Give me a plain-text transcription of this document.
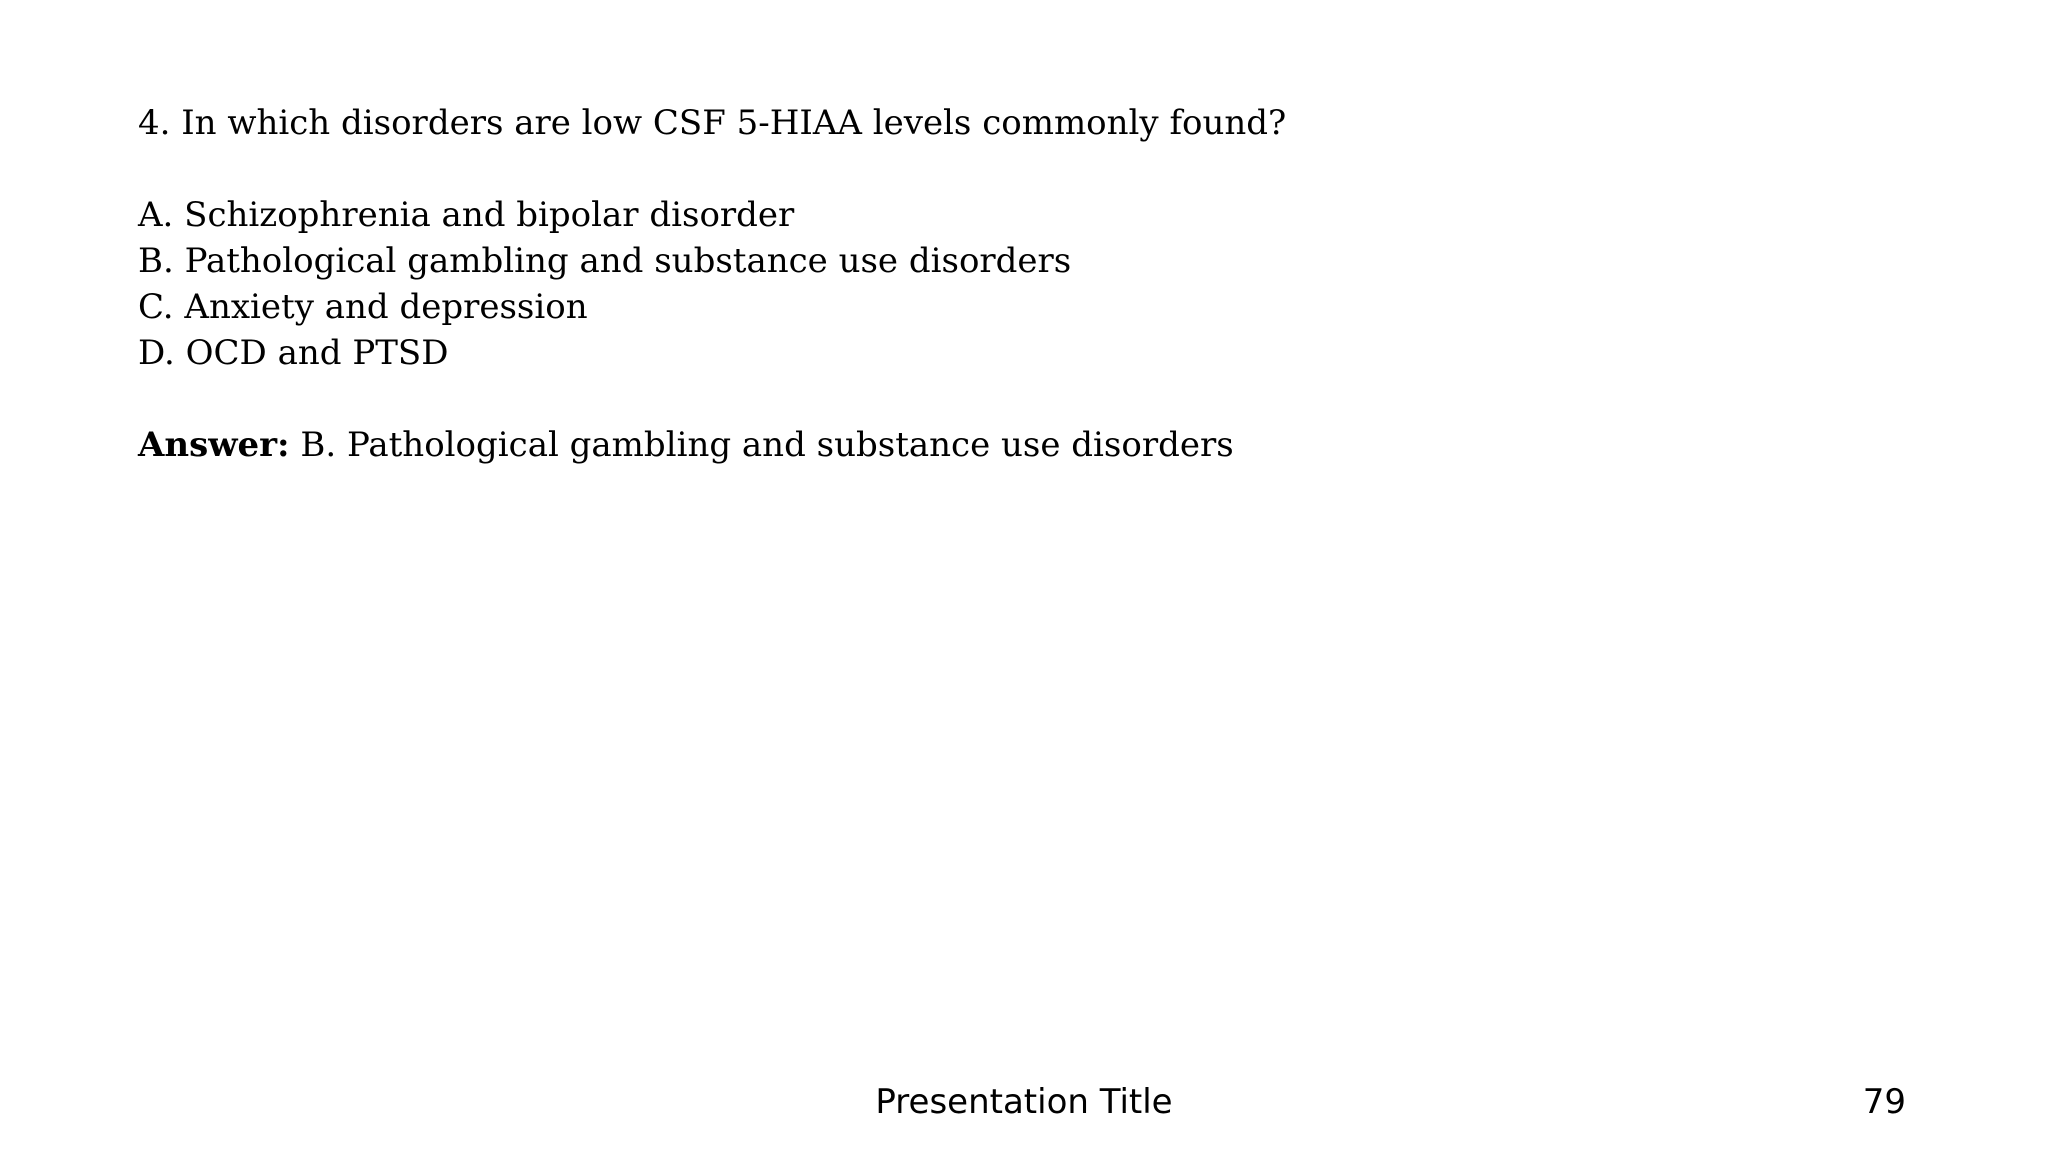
4. In which disorders are low CSF 5-HIAA levels commonly found?
A. Schizophrenia and bipolar disorder
B. Pathological gambling and substance use disorders
C. Anxiety and depression
D. OCD and PTSD
Answer: B. Pathological gambling and substance use disorders
Presentation Title	79
